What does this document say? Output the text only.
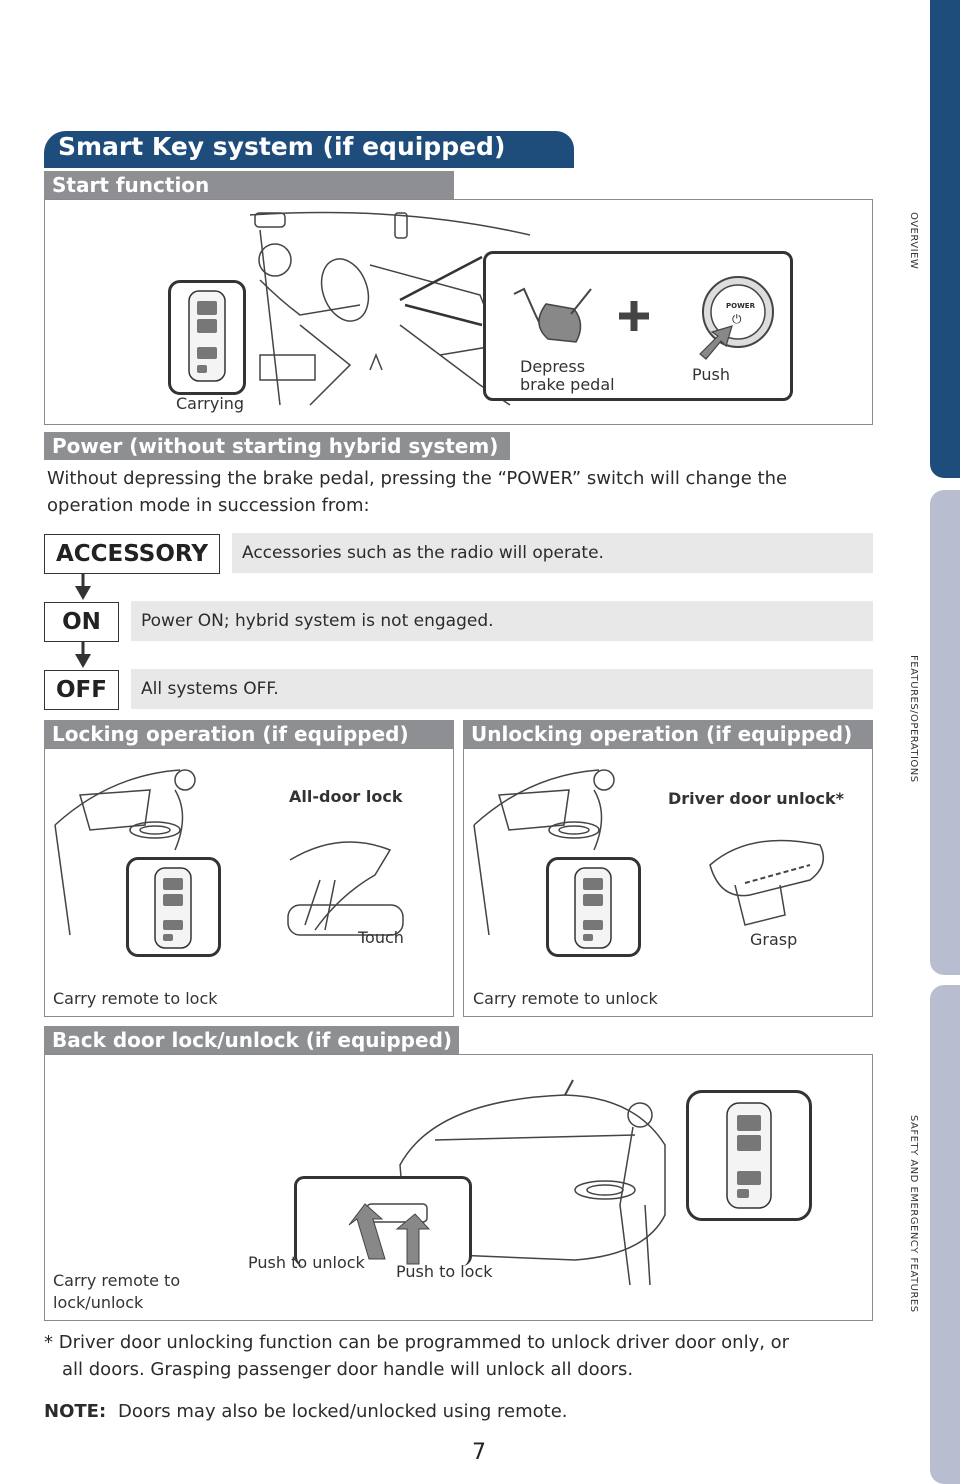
OVERVIEW
FEATURES/OPERATIONS
SAFETY AND EMERGENCY FEATURES
Smart Key system (if equipped)
Start function
Carrying
POWER
⏻
Depress
brake pedal
Push
Power (without starting hybrid system)
Without depressing the brake pedal, pressing the “POWER” switch will change the
operation mode in succession from:
ACCESSORY	Accessories such as the radio will operate.
ON	Power ON; hybrid system is not engaged.
OFF	All systems OFF.
Locking operation (if equipped)
All-door lock
Touch
Carry remote to lock
Unlocking operation (if equipped)
Driver door unlock*
Grasp
Carry remote to unlock
Back door lock/unlock (if equipped)
Push to unlock Push to lock
Carry remote to
lock/unlock
* Driver door unlocking function can be programmed to unlock driver door only, or
all doors. Grasping passenger door handle will unlock all doors.
NOTE: Doors may also be locked/unlocked using remote.
7
